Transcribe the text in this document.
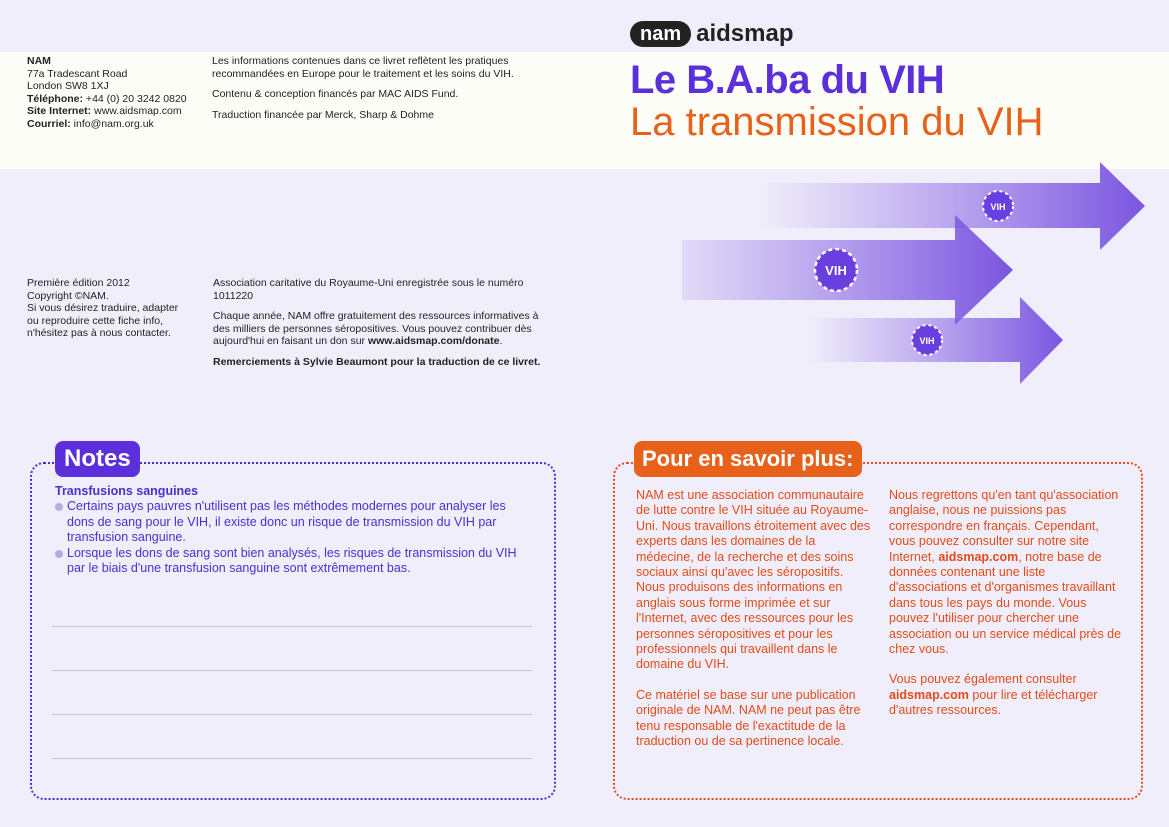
nam aidsmap
Le B.A.ba du VIH
La transmission du VIH
NAM
77a Tradescant Road
London SW8 1XJ
Téléphone: +44 (0) 20 3242 0820
Site Internet: www.aidsmap.com
Courriel: info@nam.org.uk

Les informations contenues dans ce livret reflètent les pratiques recommandées en Europe pour le traitement et les soins du VIH.

Contenu & conception financés par MAC AIDS Fund.

Traduction financée par Merck, Sharp & Dohme

Première édition 2012
Copyright ©NAM.
Si vous désirez traduire, adapter
ou reproduire cette fiche info,
n'hésitez pas à nous contacter.

Association caritative du Royaume-Uni enregistrée sous le numéro 1011220

Chaque année, NAM offre gratuitement des ressources informatives à des milliers de personnes séropositives. Vous pouvez contribuer dès aujourd'hui en faisant un don sur www.aidsmap.com/donate.

Remerciements à Sylvie Beaumont pour la traduction de ce livret.

VIH
VIH
VIH
Notes
Transfusions sanguines

Certains pays pauvres n'utilisent pas les méthodes modernes pour analyser les dons de sang pour le VIH, il existe donc un risque de transmission du VIH par transfusion sanguine.

Lorsque les dons de sang sont bien analysés, les risques de transmission du VIH par le biais d'une transfusion sanguine sont extrêmement bas.

Pour en savoir plus:

NAM est une association communautaire de lutte contre le VIH située au Royaume-Uni. Nous travaillons étroitement avec des experts dans les domaines de la médecine, de la recherche et des soins sociaux ainsi qu'avec les séropositifs. Nous produisons des informations en anglais sous forme imprimée et sur l'Internet, avec des ressources pour les personnes séropositives et pour les professionnels qui travaillent dans le domaine du VIH.

Ce matériel se base sur une publication originale de NAM. NAM ne peut pas être tenu responsable de l'exactitude de la traduction ou de sa pertinence locale.

Nous regrettons qu'en tant qu'association anglaise, nous ne puissions pas correspondre en français. Cependant, vous pouvez consulter sur notre site Internet, aidsmap.com, notre base de données contenant une liste d'associations et d'organismes travaillant dans tous les pays du monde. Vous pouvez l'utiliser pour chercher une association ou un service médical près de chez vous.

Vous pouvez également consulter aidsmap.com pour lire et télécharger d'autres ressources.
